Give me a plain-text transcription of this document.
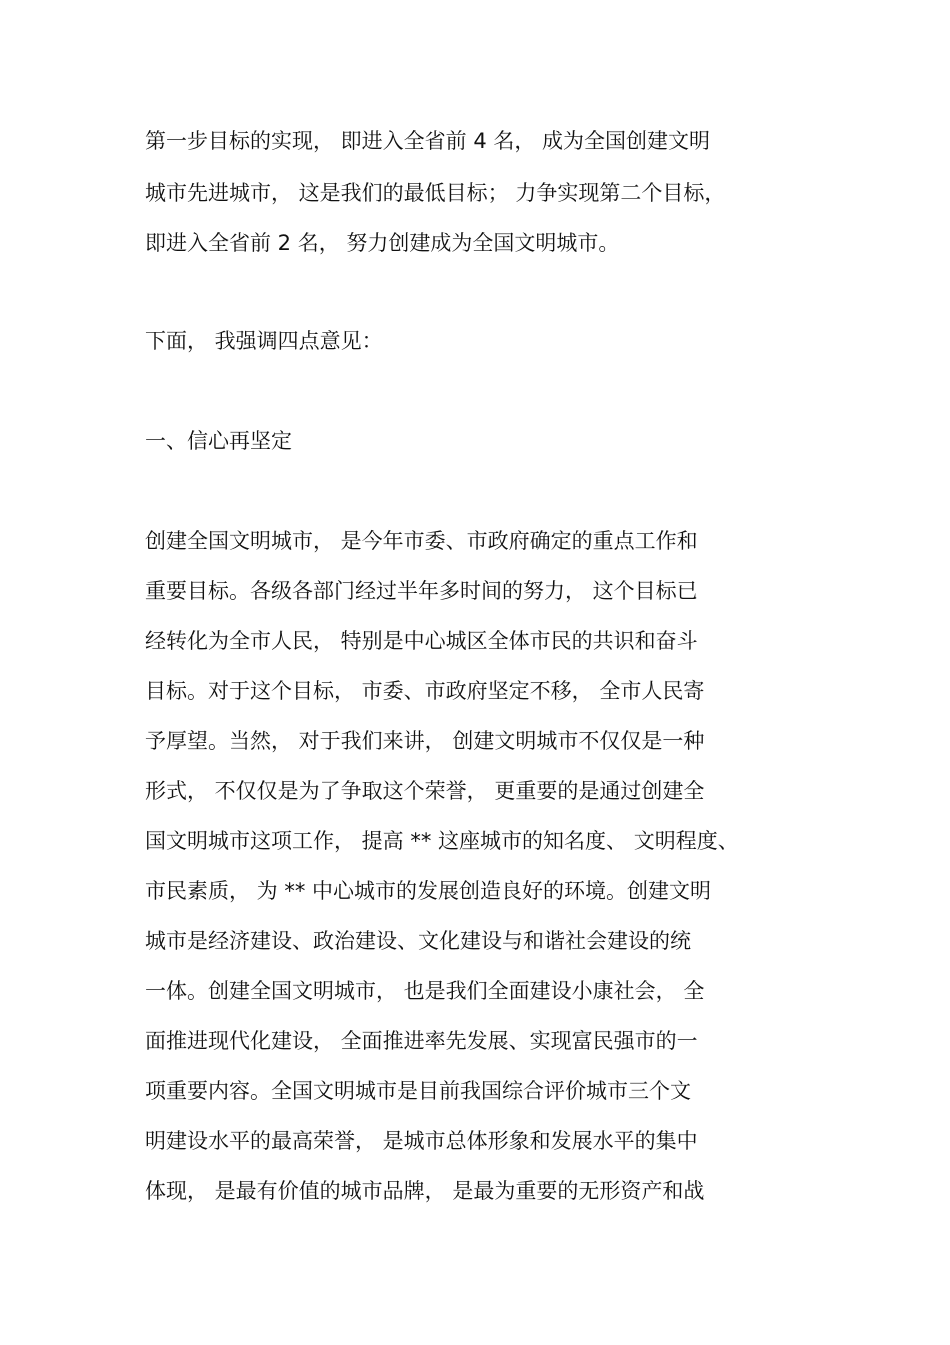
第一步目标的实现， 即进入全省前 4 名， 成为全国创建文明
城市先进城市， 这是我们的最低目标； 力争实现第二个目标，
即进入全省前 2 名， 努力创建成为全国文明城市。
下面， 我强调四点意见：
一、信心再坚定
创建全国文明城市， 是今年市委、市政府确定的重点工作和
重要目标。各级各部门经过半年多时间的努力， 这个目标已
经转化为全市人民， 特别是中心城区全体市民的共识和奋斗
目标。对于这个目标， 市委、市政府坚定不移， 全市人民寄
予厚望。当然， 对于我们来讲， 创建文明城市不仅仅是一种
形式， 不仅仅是为了争取这个荣誉， 更重要的是通过创建全
国文明城市这项工作， 提高 ** 这座城市的知名度、 文明程度、
市民素质， 为 ** 中心城市的发展创造良好的环境。创建文明
城市是经济建设、政治建设、文化建设与和谐社会建设的统
一体。创建全国文明城市， 也是我们全面建设小康社会， 全
面推进现代化建设， 全面推进率先发展、实现富民强市的一
项重要内容。全国文明城市是目前我国综合评价城市三个文
明建设水平的最高荣誉， 是城市总体形象和发展水平的集中
体现， 是最有价值的城市品牌， 是最为重要的无形资产和战
